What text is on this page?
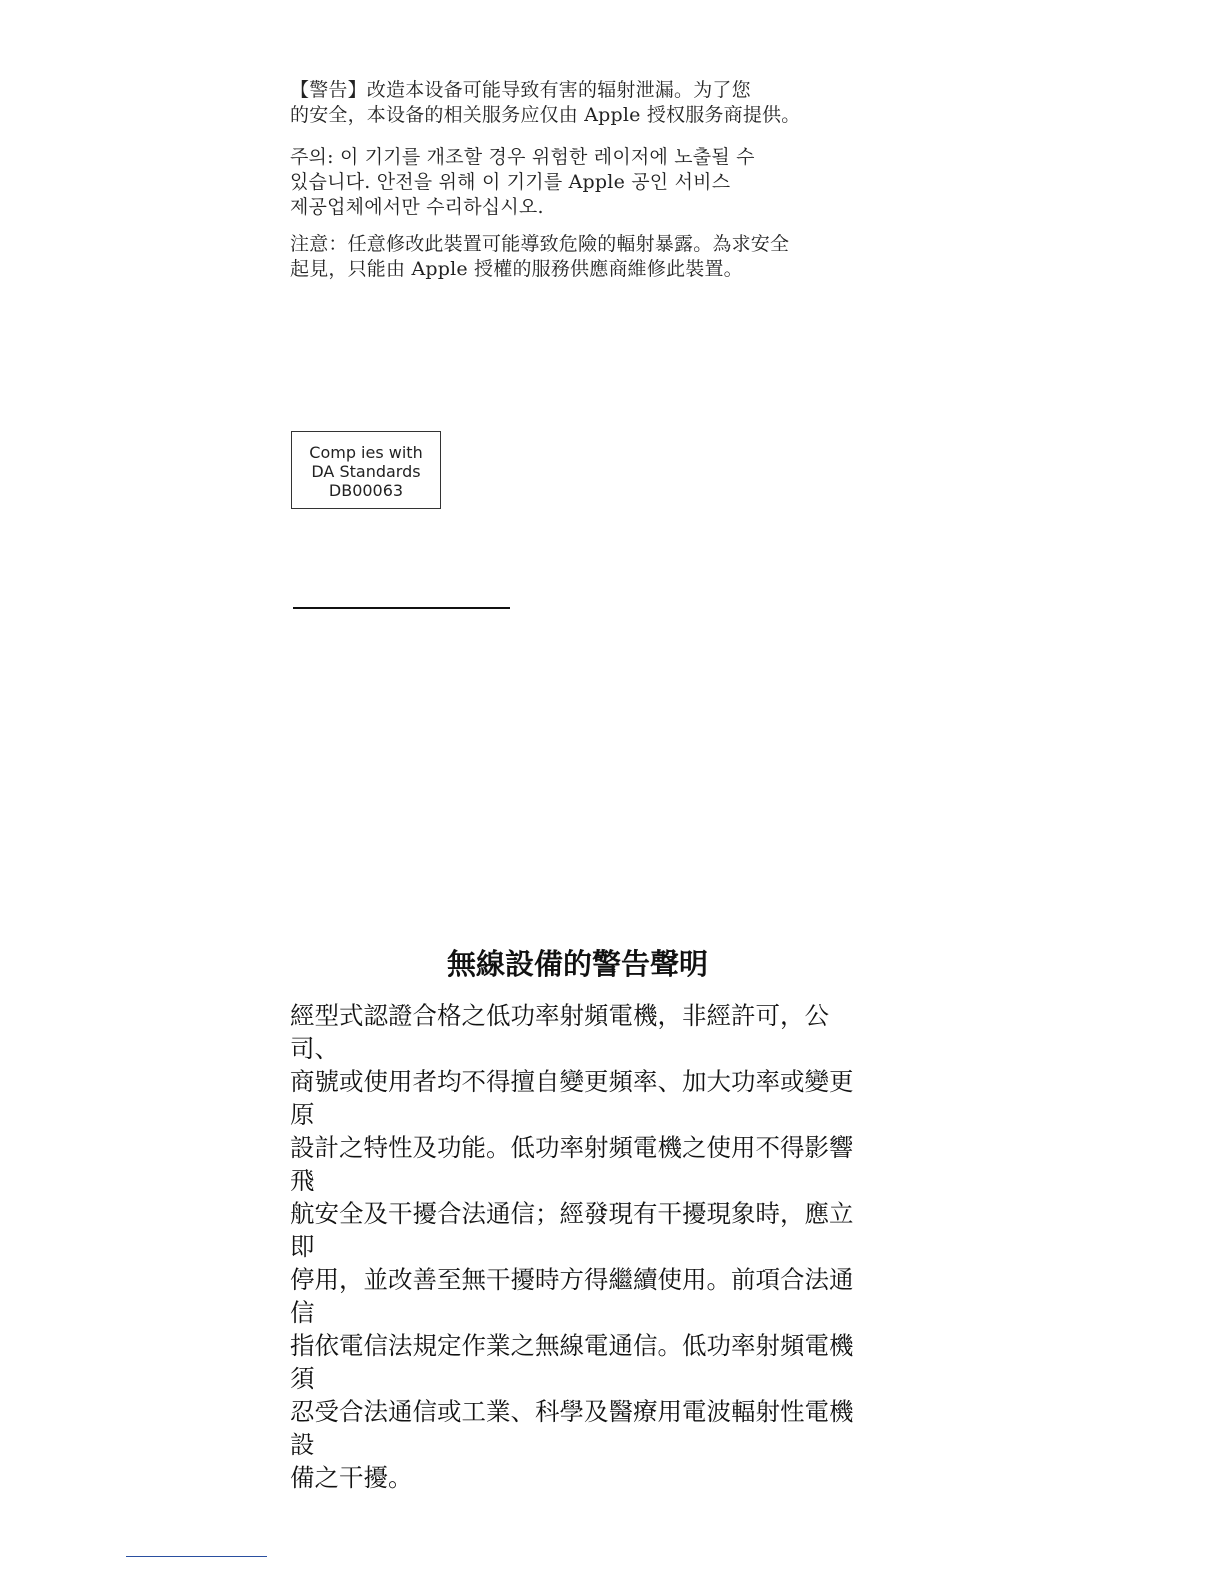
【警告】改造本设备可能导致有害的辐射泄漏。为了您
的安全，本设备的相关服务应仅由 Apple 授权服务商提供。
주의: 이 기기를 개조할 경우 위험한 레이저에 노출될 수
있습니다. 안전을 위해 이 기기를 Apple 공인 서비스
제공업체에서만 수리하십시오.
注意：任意修改此裝置可能導致危險的輻射暴露。為求安全
起見，只能由 Apple 授權的服務供應商維修此裝置。
Comp ies with
DA Standards
DB00063
無線設備的警告聲明
經型式認證合格之低功率射頻電機，非經許可，公司、
商號或使用者均不得擅自變更頻率、加大功率或變更原
設計之特性及功能。低功率射頻電機之使用不得影響飛
航安全及干擾合法通信；經發現有干擾現象時，應立即
停用，並改善至無干擾時方得繼續使用。前項合法通信
指依電信法規定作業之無線電通信。低功率射頻電機須
忍受合法通信或工業、科學及醫療用電波輻射性電機設
備之干擾。
